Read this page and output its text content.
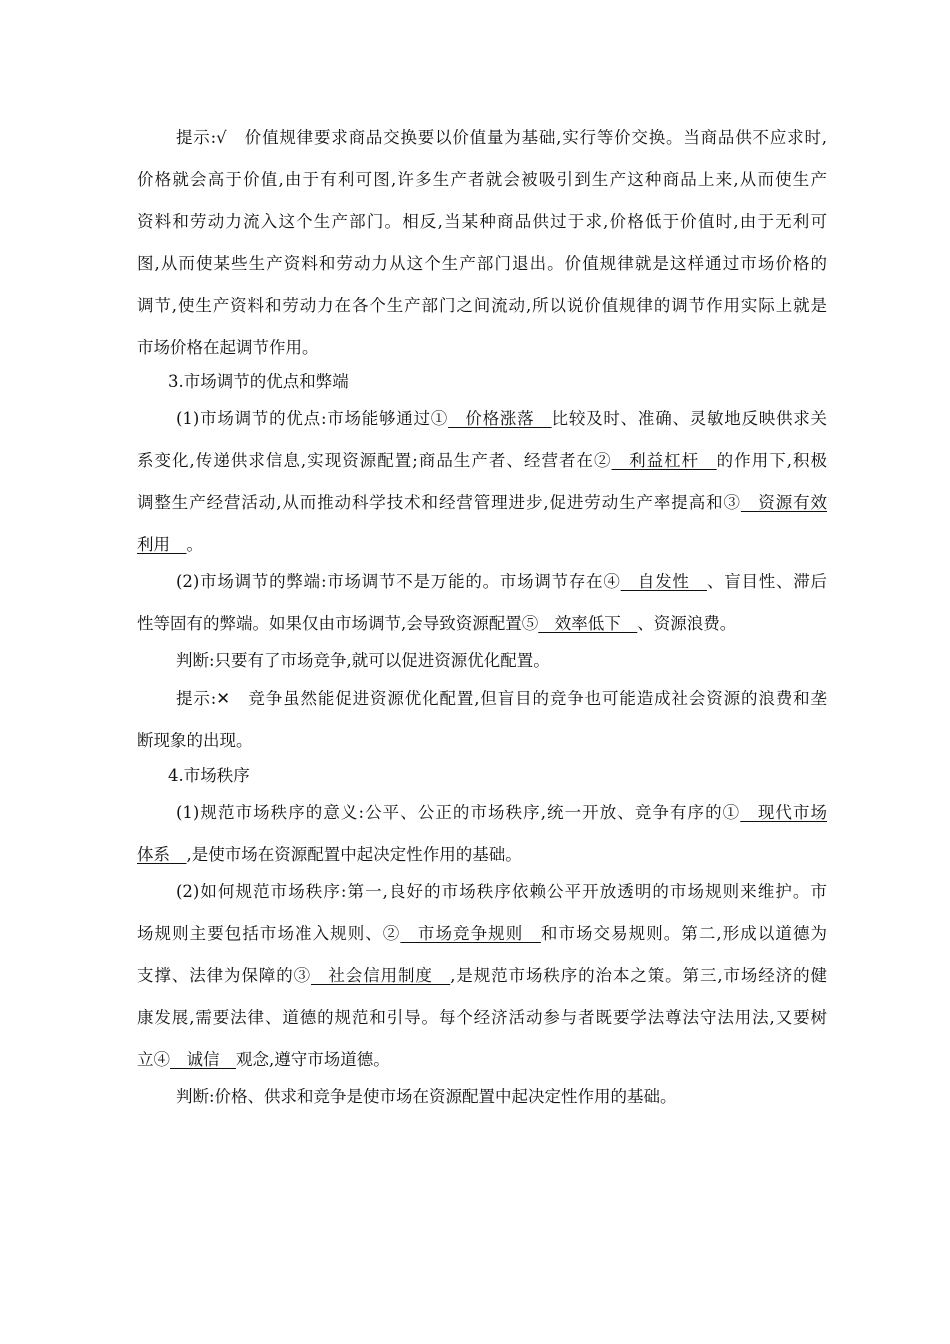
提示:√　价值规律要求商品交换要以价值量为基础,实行等价交换。当商品供不应求时,
价格就会高于价值,由于有利可图,许多生产者就会被吸引到生产这种商品上来,从而使生产
资料和劳动力流入这个生产部门。相反,当某种商品供过于求,价格低于价值时,由于无利可
图,从而使某些生产资料和劳动力从这个生产部门退出。价值规律就是这样通过市场价格的
调节,使生产资料和劳动力在各个生产部门之间流动,所以说价值规律的调节作用实际上就是
市场价格在起调节作用。
3.市场调节的优点和弊端
(1)市场调节的优点:市场能够通过①　价格涨落　比较及时、准确、灵敏地反映供求关
系变化,传递供求信息,实现资源配置;商品生产者、经营者在②　利益杠杆　的作用下,积极
调整生产经营活动,从而推动科学技术和经营管理进步,促进劳动生产率提高和③　资源有效
利用　。
(2)市场调节的弊端:市场调节不是万能的。市场调节存在④　自发性　、盲目性、滞后
性等固有的弊端。如果仅由市场调节,会导致资源配置⑤　效率低下　、资源浪费。
判断:只要有了市场竞争,就可以促进资源优化配置。
提示:✕　竞争虽然能促进资源优化配置,但盲目的竞争也可能造成社会资源的浪费和垄
断现象的出现。
4.市场秩序
(1)规范市场秩序的意义:公平、公正的市场秩序,统一开放、竞争有序的①　现代市场
体系　,是使市场在资源配置中起决定性作用的基础。
(2)如何规范市场秩序:第一,良好的市场秩序依赖公平开放透明的市场规则来维护。市
场规则主要包括市场准入规则、②　市场竞争规则　和市场交易规则。第二,形成以道德为
支撑、法律为保障的③　社会信用制度　,是规范市场秩序的治本之策。第三,市场经济的健
康发展,需要法律、道德的规范和引导。每个经济活动参与者既要学法尊法守法用法,又要树
立④　诚信　观念,遵守市场道德。
判断:价格、供求和竞争是使市场在资源配置中起决定性作用的基础。
